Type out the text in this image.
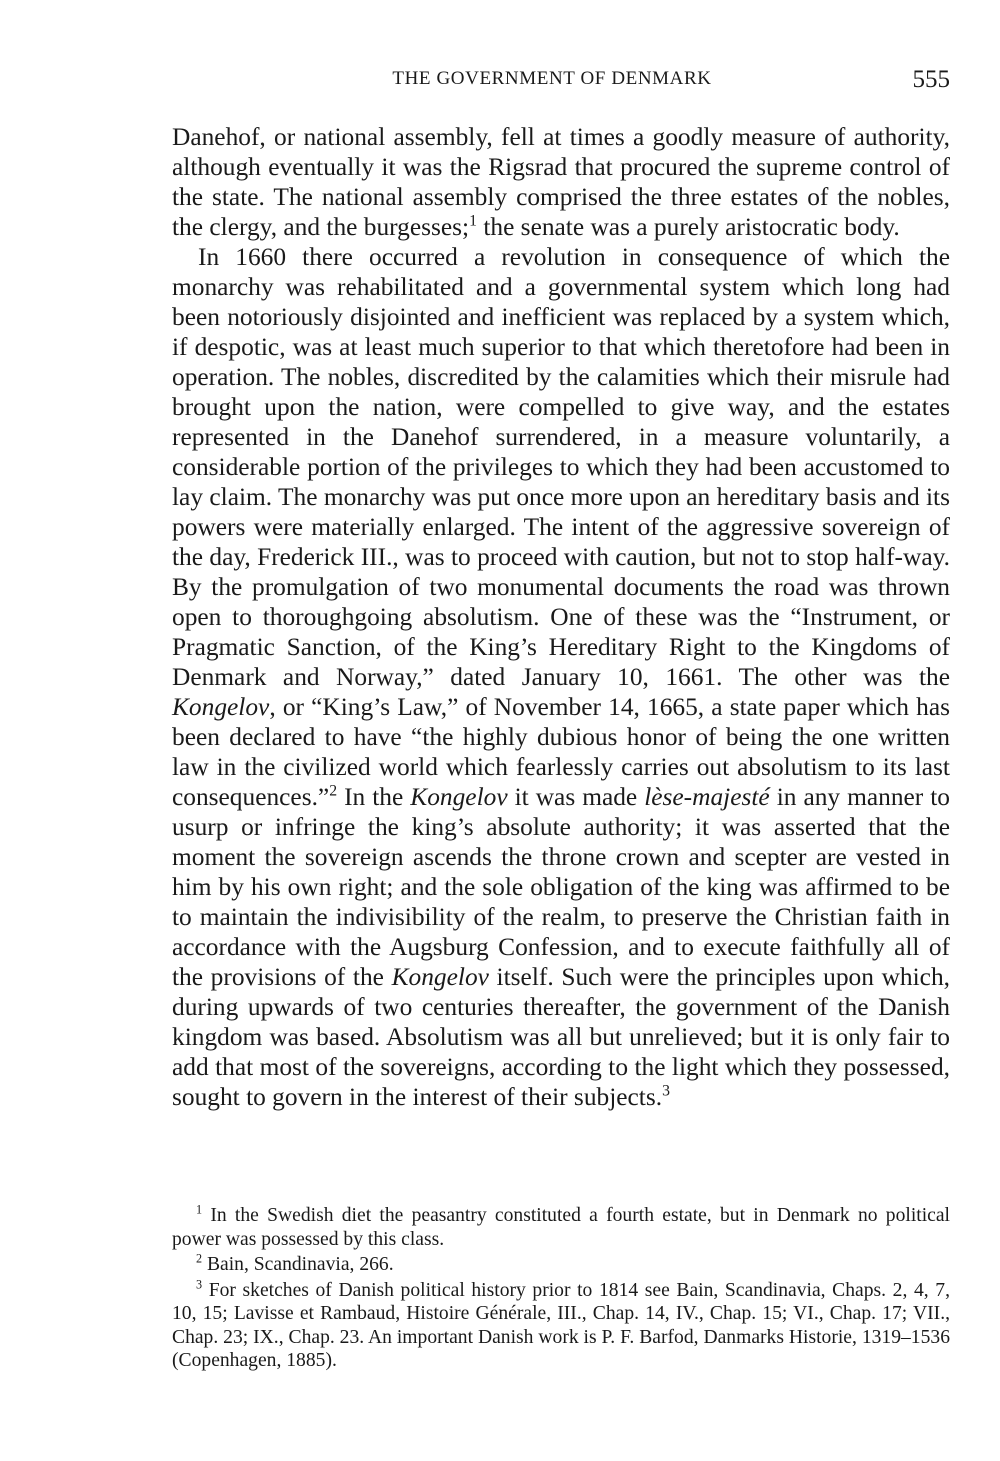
THE GOVERNMENT OF DENMARK	555

Danehof, or national assembly, fell at times a goodly measure of authority, although eventually it was the Rigsrad that procured the supreme control of the state. The national assembly comprised the three estates of the nobles, the clergy, and the burgesses;$^1$ the senate was a purely aristocratic body.

In 1660 there occurred a revolution in consequence of which the monarchy was rehabilitated and a governmental system which long had been notoriously disjointed and inefficient was replaced by a system which, if despotic, was at least much superior to that which theretofore had been in operation. The nobles, discredited by the calamities which their misrule had brought upon the nation, were compelled to give way, and the estates represented in the Danehof surrendered, in a measure voluntarily, a considerable portion of the privileges to which they had been accustomed to lay claim. The monarchy was put once more upon an hereditary basis and its powers were materially enlarged. The intent of the aggressive sovereign of the day, Frederick III., was to proceed with caution, but not to stop half-way. By the promulgation of two monumental documents the road was thrown open to thoroughgoing absolutism. One of these was the “Instrument, or Pragmatic Sanction, of the King’s Hereditary Right to the Kingdoms of Denmark and Norway,” dated January 10, 1661. The other was the Kongelov, or “King’s Law,” of November 14, 1665, a state paper which has been declared to have “the highly dubious honor of being the one written law in the civilized world which fearlessly carries out absolutism to its last consequences.”$^2$ In the Kongelov it was made lèse-majesté in any manner to usurp or infringe the king’s absolute authority; it was asserted that the moment the sovereign ascends the throne crown and scepter are vested in him by his own right; and the sole obligation of the king was affirmed to be to maintain the indivisibility of the realm, to preserve the Christian faith in accordance with the Augsburg Confession, and to execute faithfully all of the provisions of the Kongelov itself. Such were the principles upon which, during upwards of two centuries thereafter, the government of the Danish kingdom was based. Absolutism was all but unrelieved; but it is only fair to add that most of the sovereigns, according to the light which they possessed, sought to govern in the interest of their subjects.$^3$

$^1$ In the Swedish diet the peasantry constituted a fourth estate, but in Denmark no political power was possessed by this class.

$^2$ Bain, Scandinavia, 266.

$^3$ For sketches of Danish political history prior to 1814 see Bain, Scandinavia, Chaps. 2, 4, 7, 10, 15; Lavisse et Rambaud, Histoire Générale, III., Chap. 14, IV., Chap. 15; VI., Chap. 17; VII., Chap. 23; IX., Chap. 23. An important Danish work is P. F. Barfod, Danmarks Historie, 1319–1536 (Copenhagen, 1885).
